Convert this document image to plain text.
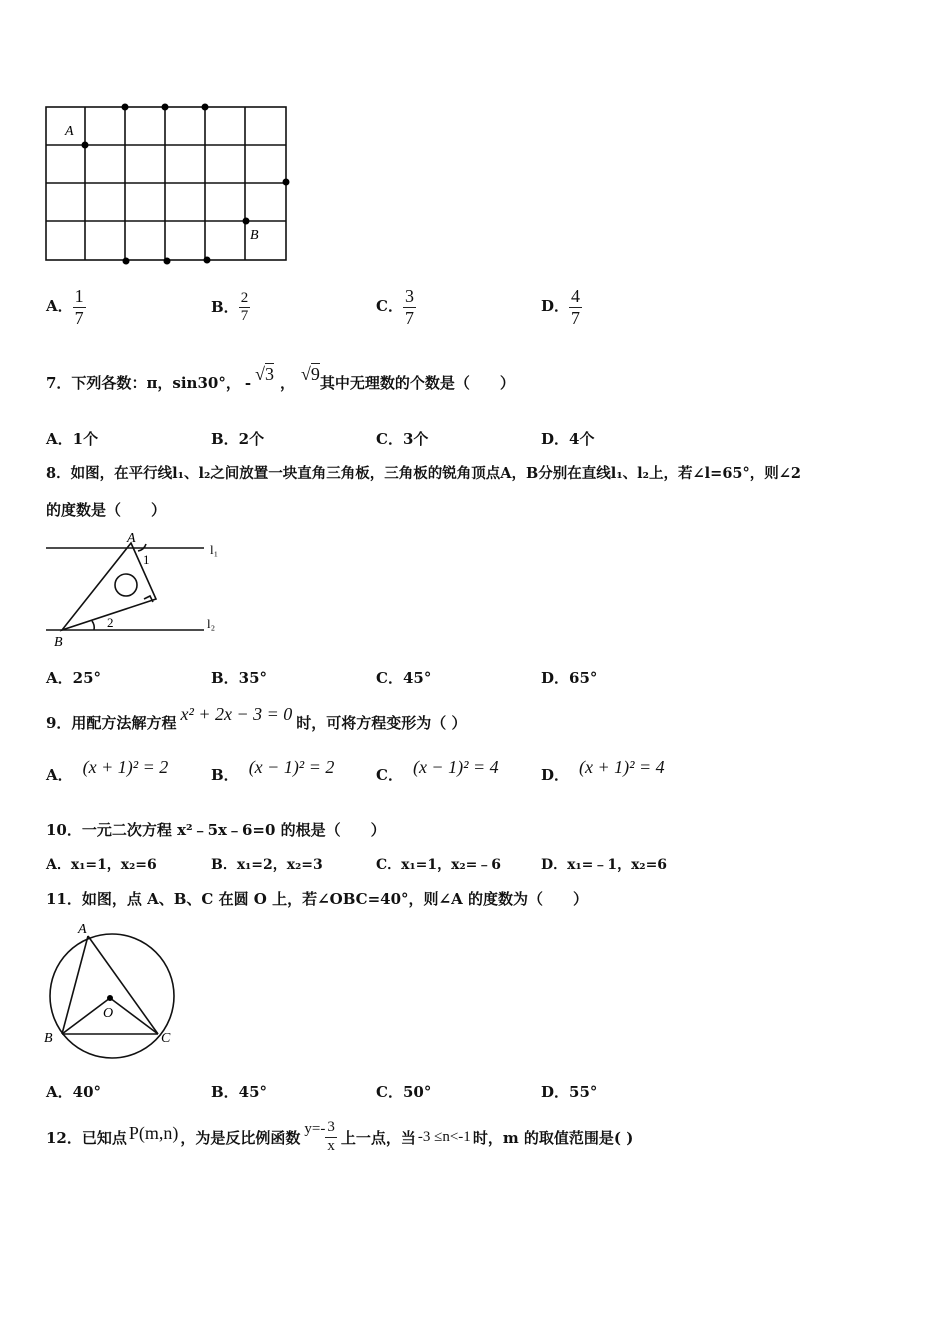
A
B
A． $\frac{1}{7}$	B． $\frac{2}{7}$	C． $\frac{3}{7}$	D． $\frac{4}{7}$
7．下列各数：π，sin30°， - √3 ， √9其中无理数的个数是（　　）
A．1个	B．2个	C．3个	D．4个
8．如图，在平行线l₁、l₂之间放置一块直角三角板，三角板的锐角顶点A，B分别在直线l₁、l₂上，若∠l=65°，则∠2
的度数是（　　）
A
1
B
2
l₁
l₂
A．25°	B．35°	C．45°	D．65°
9．用配方法解方程 x² + 2x − 3 = 0 时，可将方程变形为（ ）
A． (x + 1)² = 2	B． (x − 1)² = 2	C． (x − 1)² = 4	D． (x + 1)² = 4
10．一元二次方程 x²﹣5x﹣6=0 的根是（　　）
A．x₁=1，x₂=6	B．x₁=2，x₂=3	C．x₁=1，x₂=﹣6	D．x₁=﹣1，x₂=6
11．如图，点 A、B、C 在圆 O 上，若∠OBC=40°，则∠A 的度数为（　　）
A
B	C
O
A．40°	B．45°	C．50°	D．55°
12．已知点 P(m,n) ，为是反比例函数 $y=- \frac{3}{x}$ 上一点，当 -3 ≤n<-1 时，m 的取值范围是( )
